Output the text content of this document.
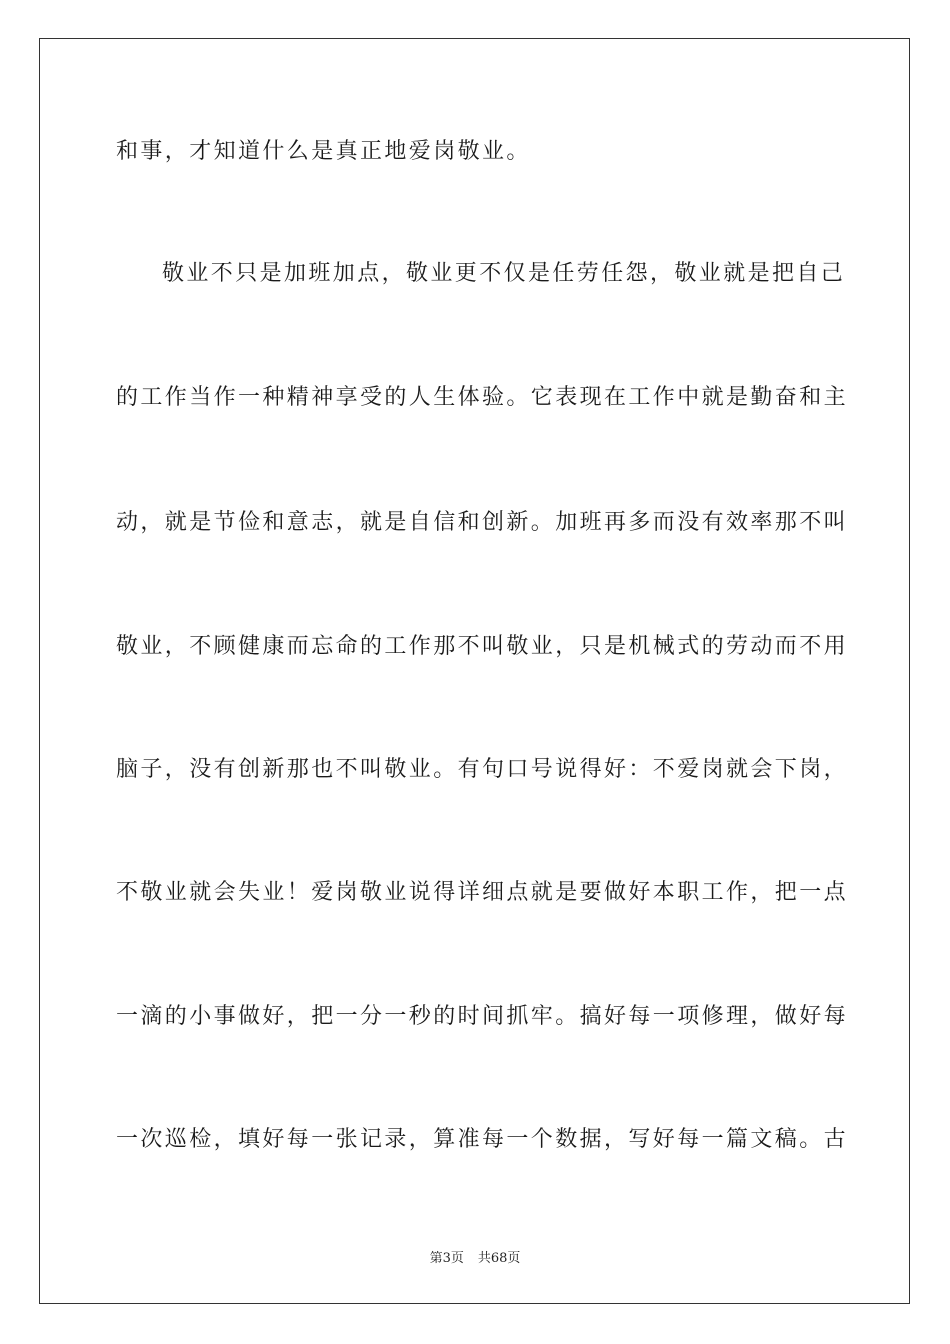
和事，才知道什么是真正地爱岗敬业。
敬业不只是加班加点，敬业更不仅是任劳任怨，敬业就是把自己
的工作当作一种精神享受的人生体验。它表现在工作中就是勤奋和主
动，就是节俭和意志，就是自信和创新。加班再多而没有效率那不叫
敬业，不顾健康而忘命的工作那不叫敬业，只是机械式的劳动而不用
脑子，没有创新那也不叫敬业。有句口号说得好：不爱岗就会下岗，
不敬业就会失业！爱岗敬业说得详细点就是要做好本职工作，把一点
一滴的小事做好，把一分一秒的时间抓牢。搞好每一项修理，做好每
一次巡检，填好每一张记录，算准每一个数据，写好每一篇文稿。古
第3页 共68页
